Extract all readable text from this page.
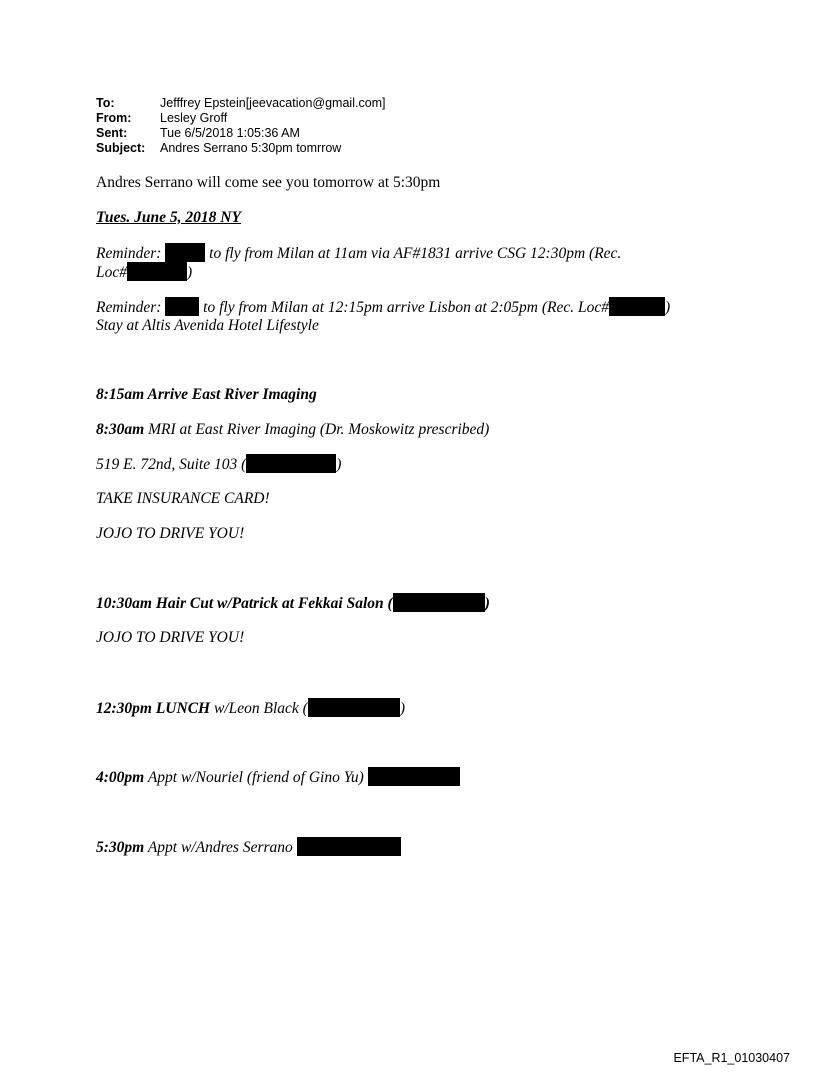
To:	Jefffrey Epstein[jeevacation@gmail.com]
From:	Lesley Groff
Sent:	Tue 6/5/2018 1:05:36 AM
Subject:	Andres Serrano 5:30pm tomrrow
Andres Serrano will come see you tomorrow at 5:30pm
Tues. June 5, 2018 NY
Reminder:	to fly from Milan at 11am via AF#1831 arrive CSG 12:30pm (Rec.
Loc#	)
Reminder:	to fly from Milan at 12:15pm arrive Lisbon at 2:05pm (Rec. Loc#	)
Stay at Altis Avenida Hotel Lifestyle
8:15am Arrive East River Imaging
8:30am MRI at East River Imaging (Dr. Moskowitz prescribed)
519 E. 72nd, Suite 103 (	)
TAKE INSURANCE CARD!
JOJO TO DRIVE YOU!
10:30am Hair Cut w/Patrick at Fekkai Salon (	)
JOJO TO DRIVE YOU!
12:30pm LUNCH w/Leon Black (	)
4:00pm Appt w/Nouriel (friend of Gino Yu)
5:30pm Appt w/Andres Serrano
EFTA_R1_01030407
